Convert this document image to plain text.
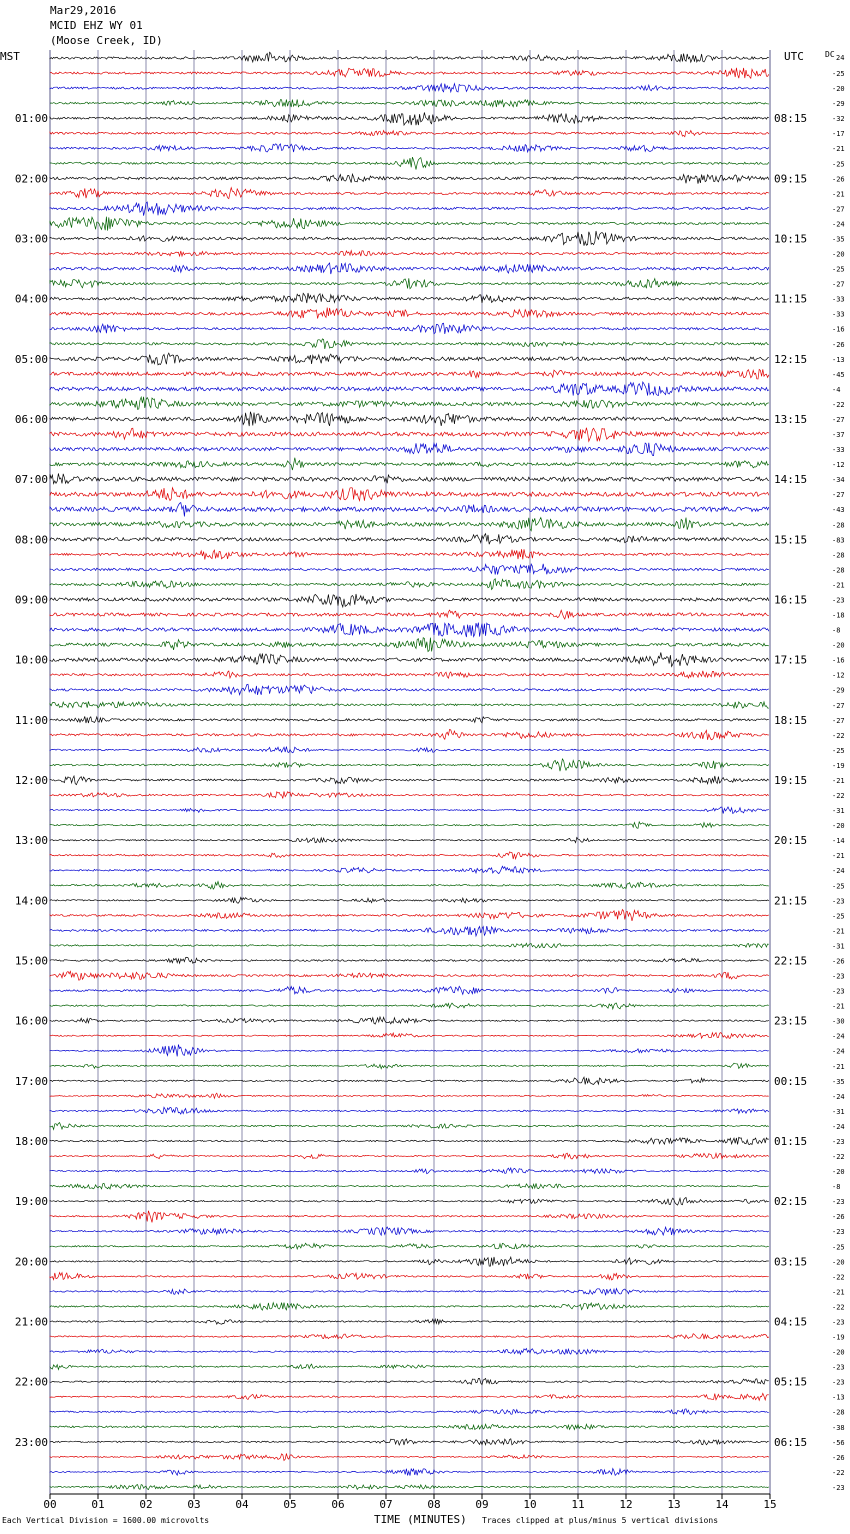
Mar29,2016
MCID EHZ WY 01
(Moose Creek, ID)
MST	UTC
00	01	02	03	04	05	06	07	08	09	10	11	12	13	14	15
-25
-20
-29
-32
-17
-21
-25
-26
-21
-27
-24
-35
-20
-25
-27
-33
-33
-16
-26
-13
-45
-4
-22
-27
-37
-33
-12
-34
-27
-43
-28
-83
-28
-28
-21
-23
-18
-8
-20
-16
-12
-29
-27
-27
-22
-25
-19
-21
-22
-31
-20
-14
-21
-24
-25
-23
-25
-21
-31
-26
-23
-23
-21
-30
-24
-24
-21
-35
-24
-31
-24
-23
-22
-20
-8
-23
-26
-23
-25
-20
-22
-21
-22
-23
-19
-20
-23
-23
-13
-28
-38
-56
-26
-22
-23
01:00	08:15
02:00	09:15
03:00	10:15
04:00	11:15
05:00	12:15
06:00	13:15
07:00	14:15
08:00	15:15
09:00	16:15
10:00	17:15
11:00	18:15
12:00	19:15
13:00	20:15
14:00	21:15
15:00	22:15
16:00	23:15
17:00	00:15
18:00	01:15
19:00	02:15
20:00	03:15
21:00	04:15
22:00	05:15
23:00	06:15
DC 24
Each Vertical Division = 1600.00 microvolts	TIME (MINUTES) Traces clipped at plus/minus 5 vertical divisions
